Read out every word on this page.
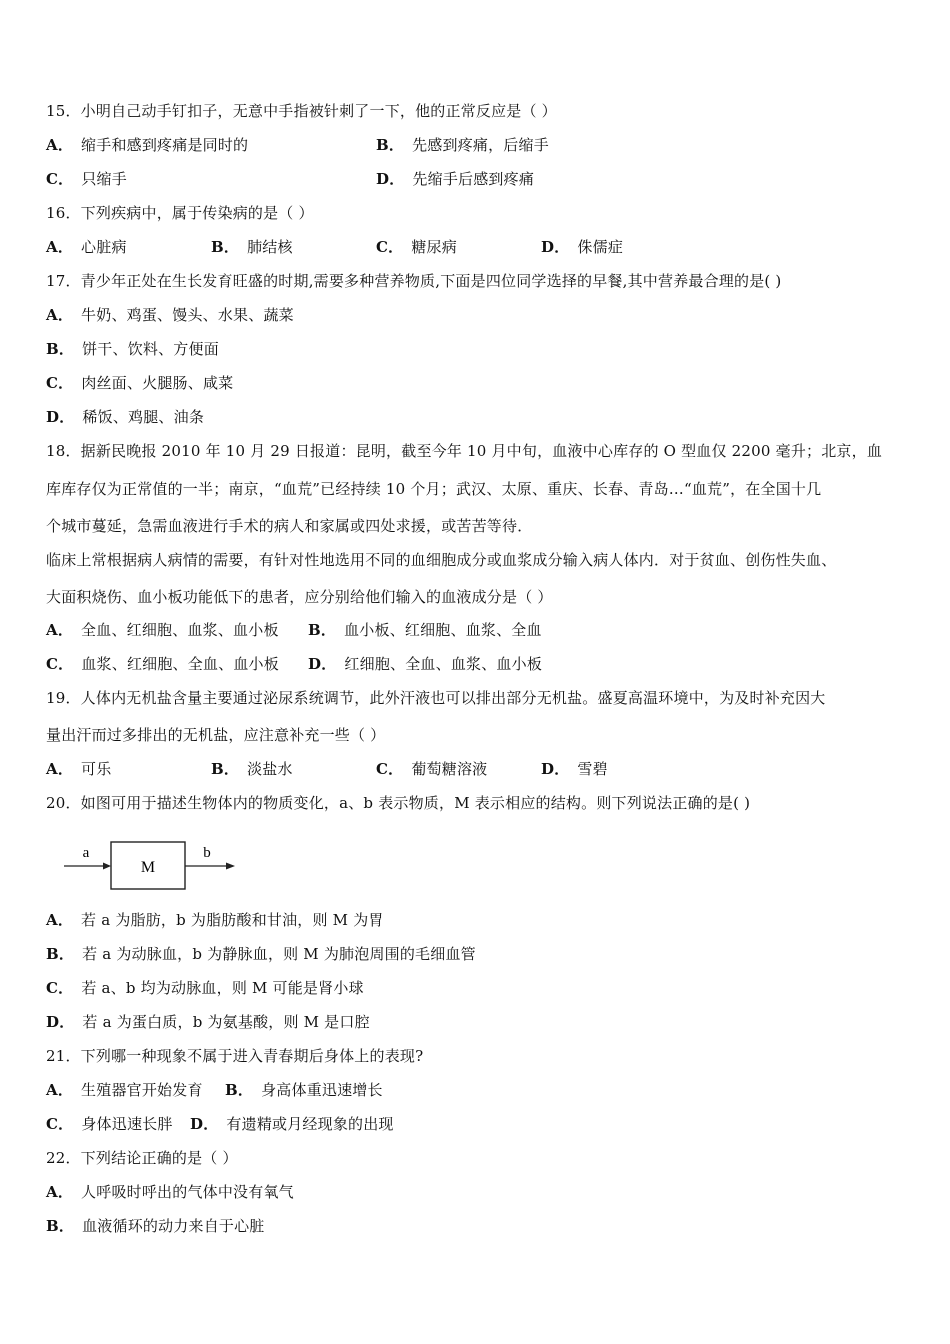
15．小明自己动手钉扣子，无意中手指被针刺了一下，他的正常反应是（ ）
A． 缩手和感到疼痛是同时的	B． 先感到疼痛，后缩手
C． 只缩手	D． 先缩手后感到疼痛
16．下列疾病中，属于传染病的是（ ）
A． 心脏病	B． 肺结核	C． 糖尿病	D． 侏儒症
17．青少年正处在生长发育旺盛的时期,需要多种营养物质,下面是四位同学选择的早餐,其中营养最合理的是( )
A． 牛奶、鸡蛋、馒头、水果、蔬菜
B． 饼干、饮料、方便面
C． 肉丝面、火腿肠、咸菜
D． 稀饭、鸡腿、油条
18．据新民晚报 2010 年 10 月 29 日报道：昆明，截至今年 10 月中旬，血液中心库存的 O 型血仅 2200 毫升；北京，血
库库存仅为正常值的一半；南京，“血荒”已经持续 10 个月；武汉、太原、重庆、长春、青岛…“血荒”，在全国十几
个城市蔓延，急需血液进行手术的病人和家属或四处求援，或苦苦等待．
临床上常根据病人病情的需要，有针对性地选用不同的血细胞成分或血浆成分输入病人体内．对于贫血、创伤性失血、
大面积烧伤、血小板功能低下的患者，应分别给他们输入的血液成分是（ ）
A． 全血、红细胞、血浆、血小板 B． 血小板、红细胞、血浆、全血
C． 血浆、红细胞、全血、血小板 D． 红细胞、全血、血浆、血小板
19．人体内无机盐含量主要通过泌尿系统调节，此外汗液也可以排出部分无机盐。盛夏高温环境中，为及时补充因大
量出汗而过多排出的无机盐，应注意补充一些（ ）
A． 可乐	B． 淡盐水	C． 葡萄糖溶液	D． 雪碧
20．如图可用于描述生物体内的物质变化，a、b 表示物质，M 表示相应的结构。则下列说法正确的是( )
a
M
b
A． 若 a 为脂肪，b 为脂肪酸和甘油，则 M 为胃
B． 若 a 为动脉血，b 为静脉血，则 M 为肺泡周围的毛细血管
C． 若 a、b 均为动脉血，则 M 可能是肾小球
D． 若 a 为蛋白质，b 为氨基酸，则 M 是口腔
21．下列哪一种现象不属于进入青春期后身体上的表现?
A． 生殖器官开始发育 B． 身高体重迅速增长
C． 身体迅速长胖 D． 有遗精或月经现象的出现
22．下列结论正确的是（ ）
A． 人呼吸时呼出的气体中没有氧气
B． 血液循环的动力来自于心脏
